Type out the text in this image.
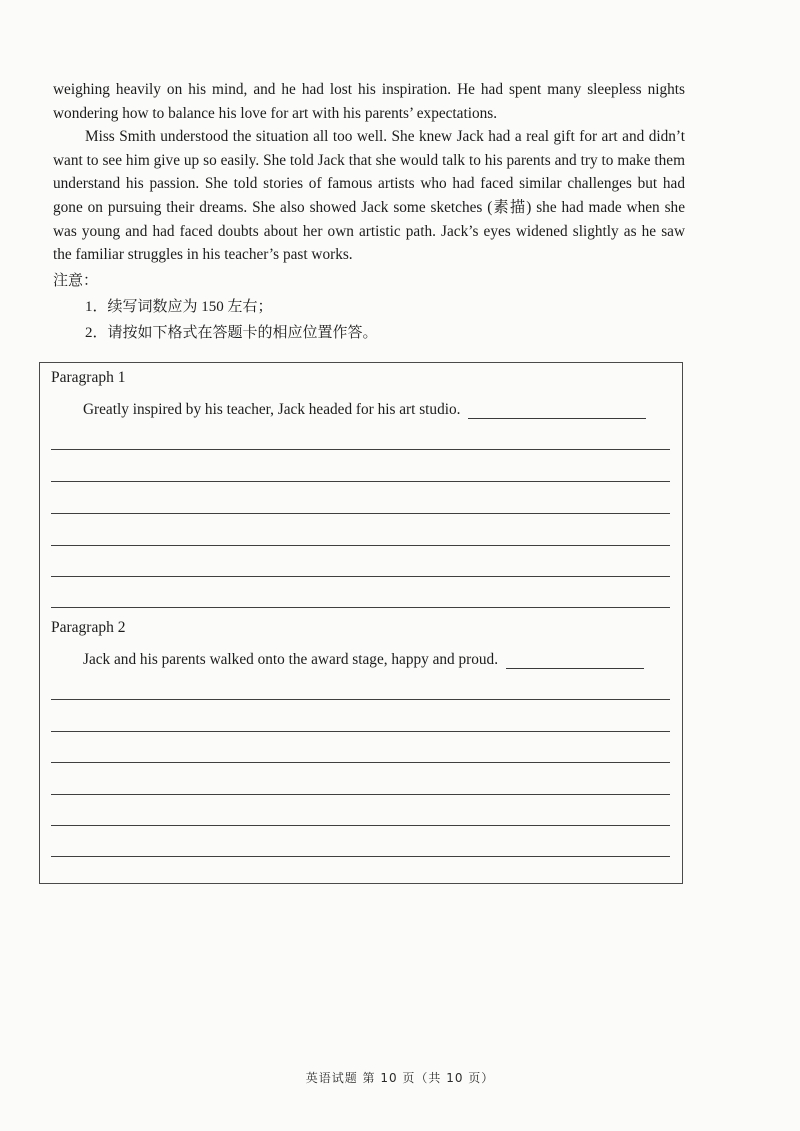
weighing heavily on his mind, and he had lost his inspiration. He had spent many sleepless nights wondering how to balance his love for art with his parents’ expectations.

Miss Smith understood the situation all too well. She knew Jack had a real gift for art and didn’t want to see him give up so easily. She told Jack that she would talk to his parents and try to make them understand his passion. She told stories of famous artists who had faced similar challenges but had gone on pursuing their dreams. She also showed Jack some sketches (素描) she had made when she was young and had faced doubts about her own artistic path. Jack’s eyes widened slightly as he saw the familiar struggles in his teacher’s past works.

注意：
1．续写词数应为 150 左右；
2．请按如下格式在答题卡的相应位置作答。
Paragraph 1
Greatly inspired by his teacher, Jack headed for his art studio.
Paragraph 2
Jack and his parents walked onto the award stage, happy and proud.
英语试题 第 10 页（共 10 页）
